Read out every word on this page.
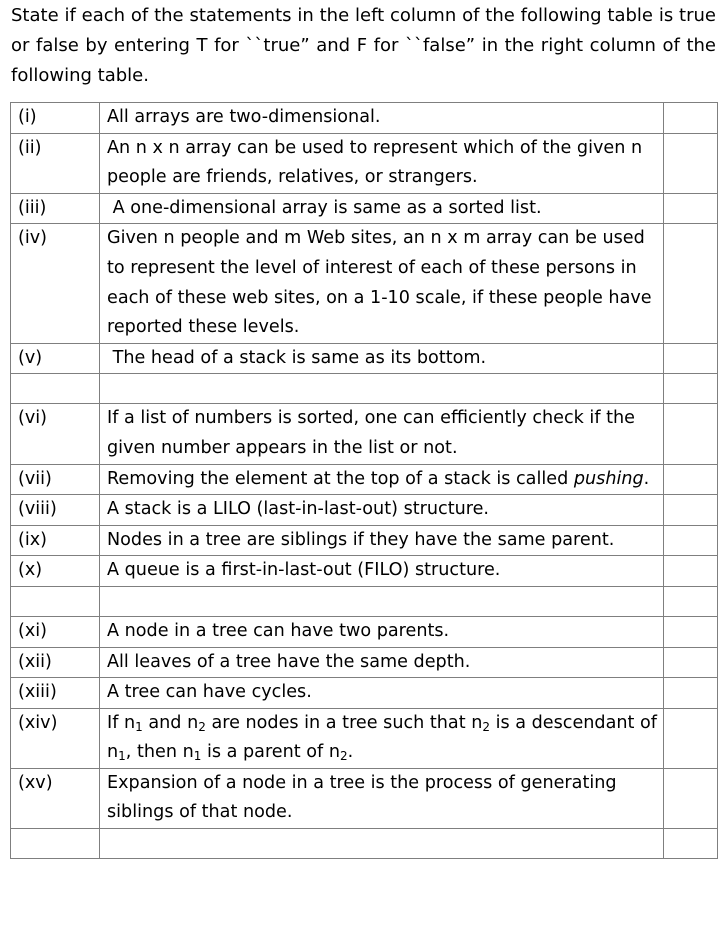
State if each of the statements in the left column of the following table is true or false by entering T for ``true” and F for ``false” in the right column of the following table.
(i)	All arrays are two-dimensional.	

(ii)	An n x n array can be used to represent which of the given n people are friends, relatives, or strangers.	

(iii)	A one-dimensional array is same as a sorted list.	

(iv)	Given n people and m Web sites, an n x m array can be used to represent the level of interest of each of these persons in each of these web sites, on a 1-10 scale, if these people have reported these levels.	

(v)	The head of a stack is same as its bottom.	

(vi)	If a list of numbers is sorted, one can efficiently check if the given number appears in the list or not.	

(vii)	Removing the element at the top of a stack is called pushing.	

(viii)	A stack is a LILO (last-in-last-out) structure.	

(ix)	Nodes in a tree are siblings if they have the same parent.	

(x)	A queue is a first-in-last-out (FILO) structure.	

(xi)	A node in a tree can have two parents.	

(xii)	All leaves of a tree have the same depth.	

(xiii)	A tree can have cycles.	

(xiv)	If $n_1$ and $n_2$ are nodes in a tree such that $n_2$ is a descendant of $n_1$, then $n_1$ is a parent of $n_2$.	

(xv)	Expansion of a node in a tree is the process of generating siblings of that node.	
